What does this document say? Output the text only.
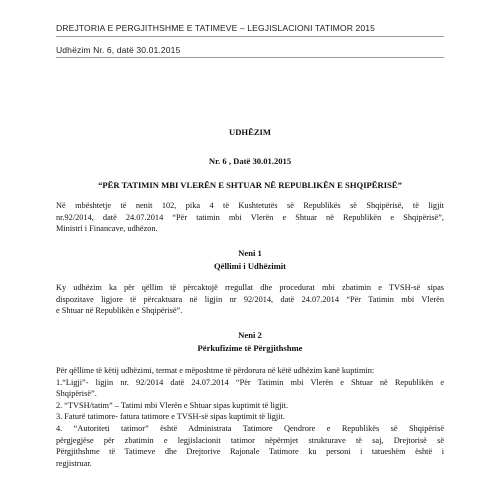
DREJTORIA E PERGJITHSHME E TATIMEVE – LEGJISLACIONI TATIMOR 2015
Udhëzim Nr. 6, datë 30.01.2015
UDHËZIM
Nr. 6 , Datë 30.01.2015
“PËR TATIMIN MBI VLERËN E SHTUAR NË REPUBLIKËN E SHQIPËRISË”
Në mbështetje të nenit 102, pika 4 të Kushtetutës së Republikës së Shqipërisë, të ligjit
nr.92/2014, datë 24.07.2014 “Për tatimin mbi Vlerën e Shtuar në Republikën e Shqipërisë”,
Ministri i Financave, udhëzon.
Neni 1
Qëllimi i Udhëzimit
Ky udhëzim ka për qëllim të përcaktojë rregullat dhe procedurat mbi zbatimin e TVSH-së sipas
dispozitave ligjore të përcaktuara në ligjin nr 92/2014, datë 24.07.2014 “Për Tatimin mbi Vlerën
e Shtuar në Republikën e Shqipërisë”.
Neni 2
Përkufizime të Përgjithshme
Për qëllime të këtij udhëzimi, termat e mëposhtme të përdorura në këtë udhëzim kanë kuptimin:
1.“Ligji”- ligjin nr. 92/2014 datë 24.07.2014 “Për Tatimin mbi Vlerën e Shtuar në Republikën e
Shqipërisë”.
2. “TVSH/tatim” – Tatimi mbi Vlerën e Shtuar sipas kuptimit të ligjit.
3. Faturë tatimore- fatura tatimore e TVSH-së sipas kuptimit të ligjit.
4. “Autoriteti tatimor” është Administrata Tatimore Qendrore e Republikës së Shqipërisë
përgjegjëse për zbatimin e legjislacionit tatimor nëpërmjet strukturave të saj, Drejtorisë së
Përgjithshme të Tatimeve dhe Drejtorive Rajonale Tatimore ku personi i tatueshëm është i
regjistruar.
